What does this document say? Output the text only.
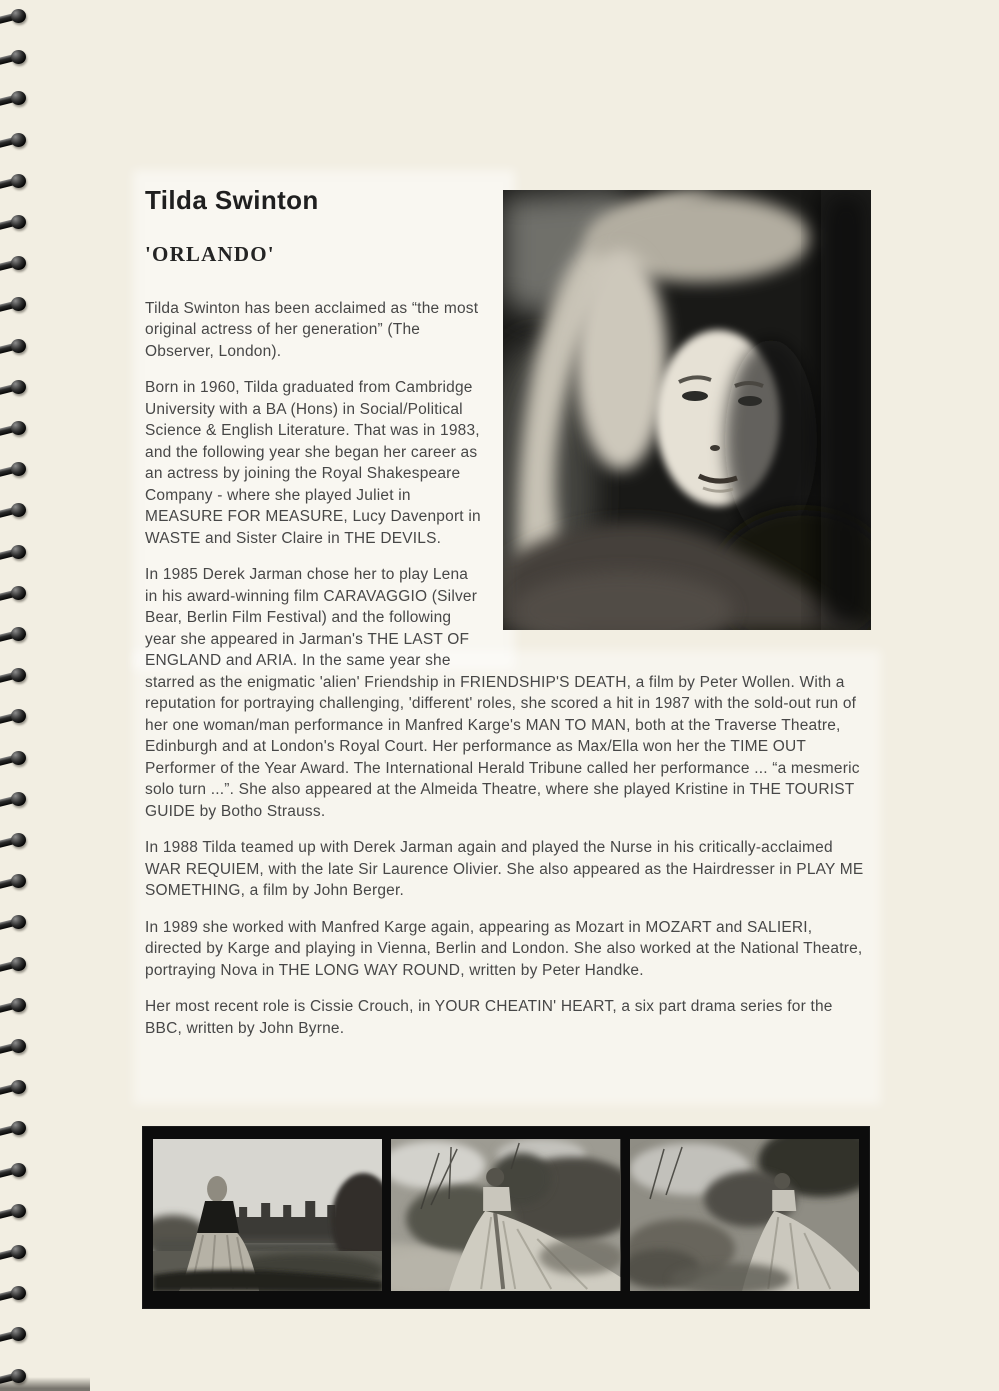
Tilda Swinton
'ORLANDO'

Tilda Swinton has been acclaimed as “the most original actress of her generation” (The Observer, London).

Born in 1960, Tilda graduated from Cambridge University with a BA (Hons) in Social/Political Science & English Literature. That was in 1983, and the following year she began her career as an actress by joining the Royal Shakespeare Company - where she played Juliet in MEASURE FOR MEASURE, Lucy Davenport in WASTE and Sister Claire in THE DEVILS.

In 1985 Derek Jarman chose her to play Lena in his award-winning film CARAVAGGIO (Silver Bear, Berlin Film Festival) and the following year she appeared in Jarman's THE LAST OF ENGLAND and ARIA. In the same year she starred as the enigmatic 'alien' Friendship in FRIENDSHIP'S DEATH, a film by Peter Wollen. With a reputation for portraying challenging, 'different' roles, she scored a hit in 1987 with the sold-out run of her one woman/man performance in Manfred Karge's MAN TO MAN, both at the Traverse Theatre, Edinburgh and at London's Royal Court. Her performance as Max/Ella won her the TIME OUT Performer of the Year Award. The International Herald Tribune called her performance ... “a mesmeric solo turn ...”. She also appeared at the Almeida Theatre, where she played Kristine in THE TOURIST GUIDE by Botho Strauss.

In 1988 Tilda teamed up with Derek Jarman again and played the Nurse in his critically-acclaimed WAR REQUIEM, with the late Sir Laurence Olivier. She also appeared as the Hairdresser in PLAY ME SOMETHING, a film by John Berger.

In 1989 she worked with Manfred Karge again, appearing as Mozart in MOZART and SALIERI, directed by Karge and playing in Vienna, Berlin and London. She also worked at the National Theatre, portraying Nova in THE LONG WAY ROUND, written by Peter Handke.

Her most recent role is Cissie Crouch, in YOUR CHEATIN' HEART, a six part drama series for the BBC, written by John Byrne.
